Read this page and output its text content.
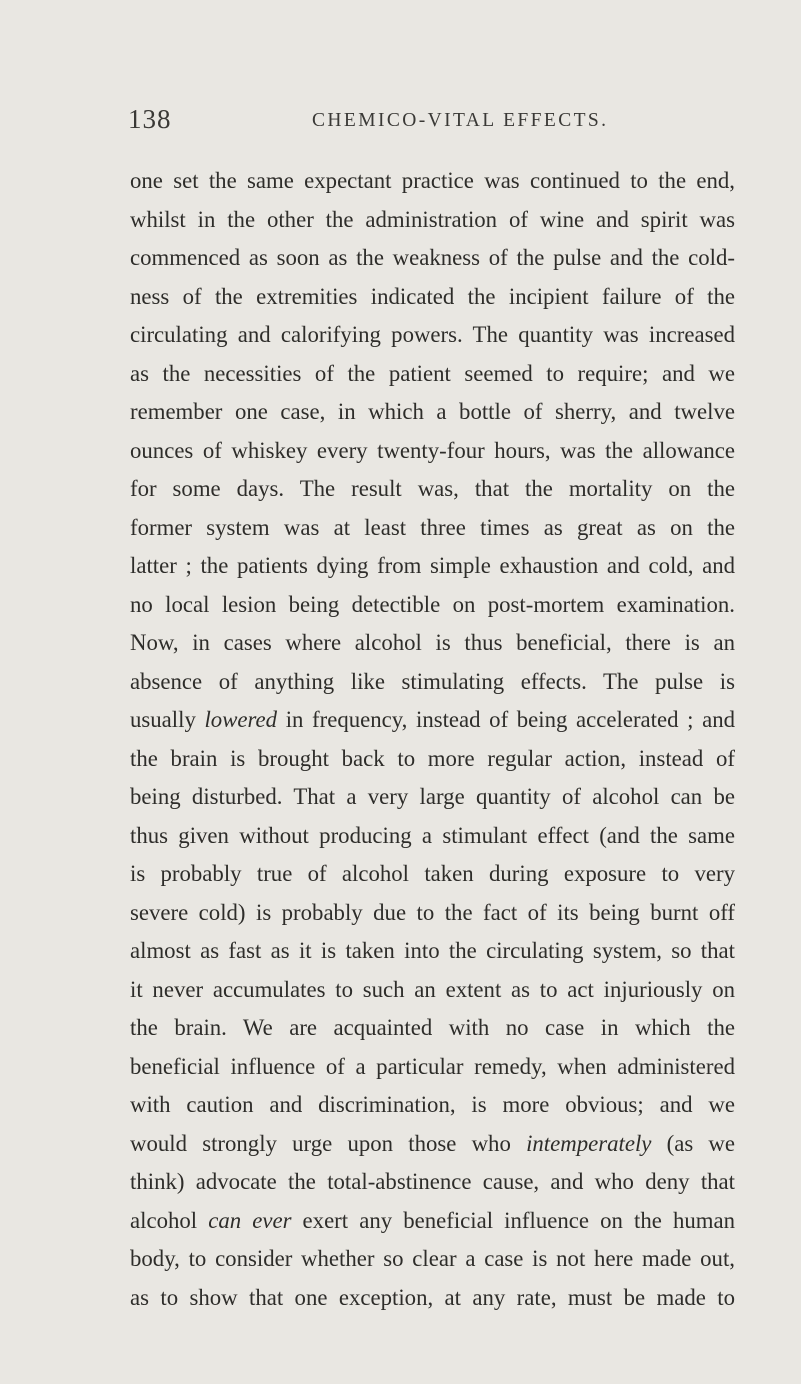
138	CHEMICO-VITAL EFFECTS.
one set the same expectant practice was continued to the end,
whilst in the other the administration of wine and spirit was
commenced as soon as the weakness of the pulse and the cold-
ness of the extremities indicated the incipient failure of the
circulating and calorifying powers. The quantity was increased
as the necessities of the patient seemed to require; and we
remember one case, in which a bottle of sherry, and twelve
ounces of whiskey every twenty-four hours, was the allowance
for some days. The result was, that the mortality on the
former system was at least three times as great as on the
latter ; the patients dying from simple exhaustion and cold, and
no local lesion being detectible on post-mortem examination.
Now, in cases where alcohol is thus beneficial, there is an
absence of anything like stimulating effects. The pulse is
usually lowered in frequency, instead of being accelerated ; and
the brain is brought back to more regular action, instead of
being disturbed. That a very large quantity of alcohol can be
thus given without producing a stimulant effect (and the same
is probably true of alcohol taken during exposure to very
severe cold) is probably due to the fact of its being burnt off
almost as fast as it is taken into the circulating system, so that
it never accumulates to such an extent as to act injuriously on
the brain. We are acquainted with no case in which the
beneficial influence of a particular remedy, when administered
with caution and discrimination, is more obvious; and we
would strongly urge upon those who intemperately (as we
think) advocate the total-abstinence cause, and who deny that
alcohol can ever exert any beneficial influence on the human
body, to consider whether so clear a case is not here made out,
as to show that one exception, at any rate, must be made to
